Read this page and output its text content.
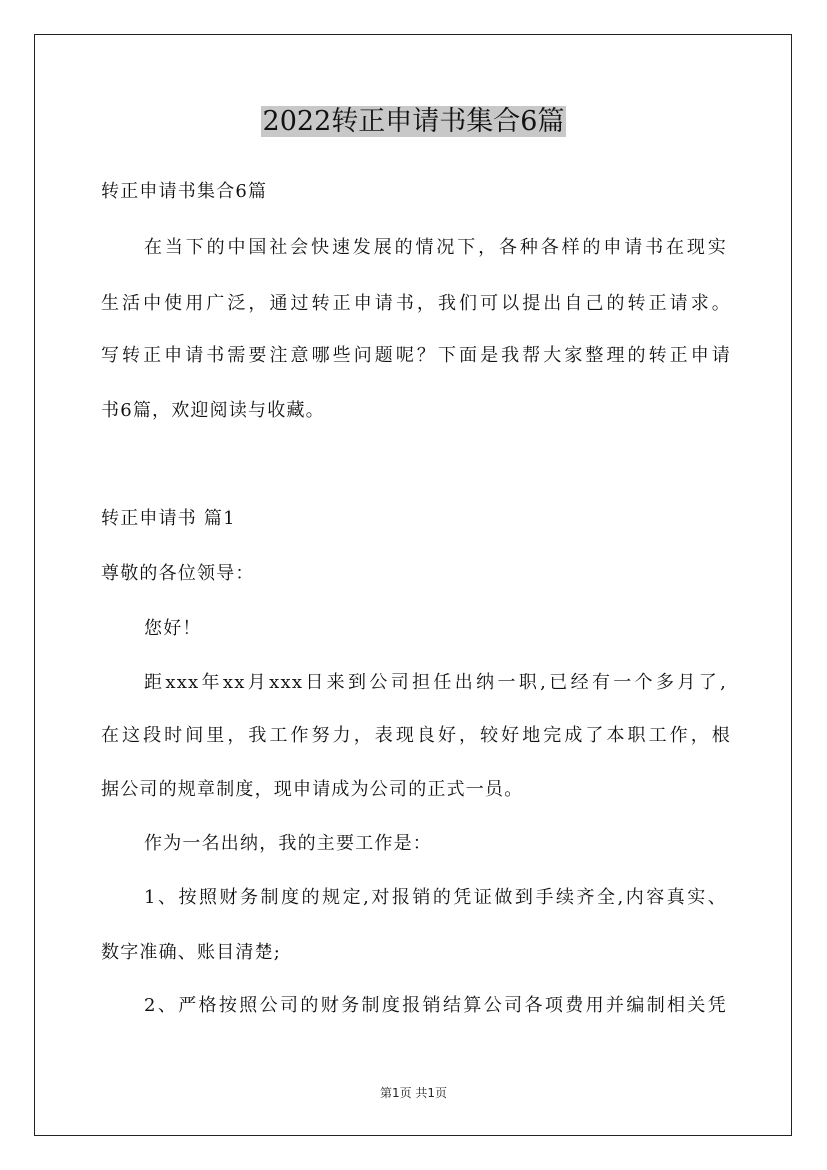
2022转正申请书集合6篇
转正申请书集合6篇
在当下的中国社会快速发展的情况下，各种各样的申请书在现实
生活中使用广泛，通过转正申请书，我们可以提出自己的转正请求。
写转正申请书需要注意哪些问题呢？下面是我帮大家整理的转正申请
书6篇，欢迎阅读与收藏。
转正申请书 篇1
尊敬的各位领导：
您好！
距xxx年xx月xxx日来到公司担任出纳一职,已经有一个多月了,
在这段时间里，我工作努力，表现良好，较好地完成了本职工作，根
据公司的规章制度，现申请成为公司的正式一员。
作为一名出纳，我的主要工作是：
1、按照财务制度的规定,对报销的凭证做到手续齐全,内容真实、
数字准确、账目清楚;
2、严格按照公司的财务制度报销结算公司各项费用并编制相关凭
第1页 共1页
